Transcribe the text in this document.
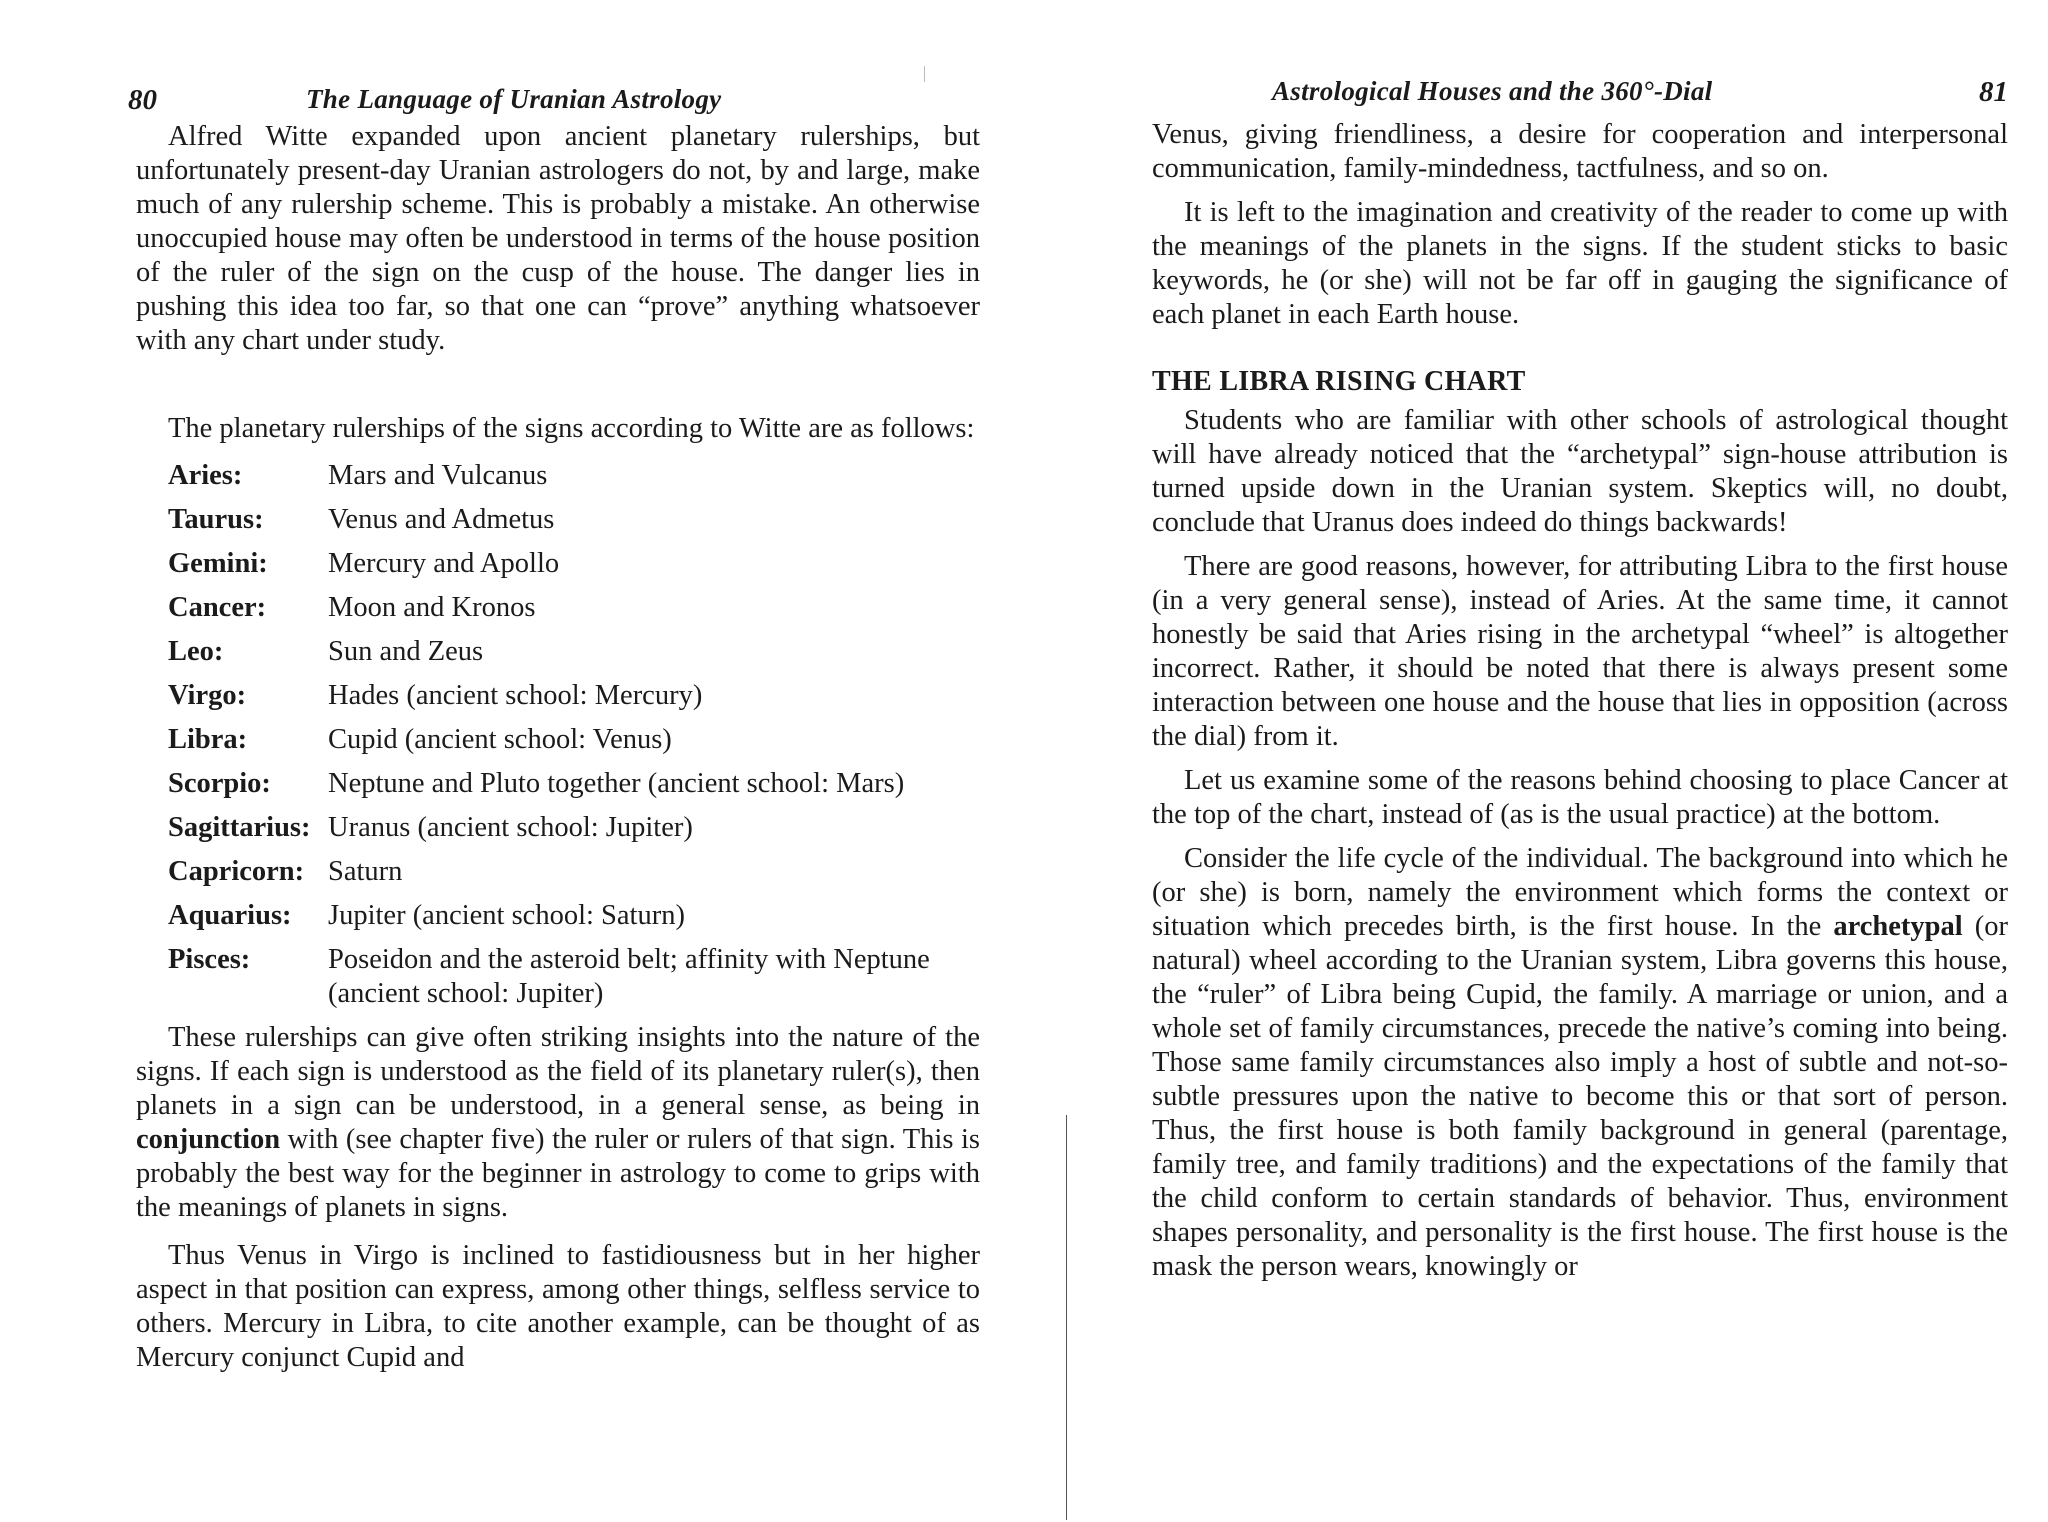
80	The Language of Uranian Astrology

Alfred Witte expanded upon ancient planetary rulerships, but unfortunately present-day Uranian astrologers do not, by and large, make much of any rulership scheme. This is probably a mistake. An otherwise unoccupied house may often be understood in terms of the house position of the ruler of the sign on the cusp of the house. The danger lies in pushing this idea too far, so that one can “prove” anything whatsoever with any chart under study.

The planetary rulerships of the signs according to Witte are as follows:

Aries:	Mars and Vulcanus
Taurus:	Venus and Admetus
Gemini:	Mercury and Apollo
Cancer:	Moon and Kronos
Leo:	Sun and Zeus
Virgo:	Hades (ancient school: Mercury)
Libra:	Cupid (ancient school: Venus)
Scorpio:	Neptune and Pluto together (ancient school: Mars)
Sagittarius:	Uranus (ancient school: Jupiter)
Capricorn:	Saturn
Aquarius:	Jupiter (ancient school: Saturn)
Pisces:	Poseidon and the asteroid belt; affinity with Neptune (ancient school: Jupiter)

These rulerships can give often striking insights into the nature of the signs. If each sign is understood as the field of its planetary ruler(s), then planets in a sign can be understood, in a general sense, as being in conjunction with (see chapter five) the ruler or rulers of that sign. This is probably the best way for the beginner in astrology to come to grips with the meanings of planets in signs.

Thus Venus in Virgo is inclined to fastidiousness but in her higher aspect in that position can express, among other things, selfless service to others. Mercury in Libra, to cite another example, can be thought of as Mercury conjunct Cupid and

Astrological Houses and the 360°-Dial	81

Venus, giving friendliness, a desire for cooperation and interpersonal communication, family-mindedness, tactfulness, and so on.

It is left to the imagination and creativity of the reader to come up with the meanings of the planets in the signs. If the student sticks to basic keywords, he (or she) will not be far off in gauging the significance of each planet in each Earth house.

THE LIBRA RISING CHART

Students who are familiar with other schools of astrological thought will have already noticed that the “archetypal” sign-house attribution is turned upside down in the Uranian system. Skeptics will, no doubt, conclude that Uranus does indeed do things backwards!

There are good reasons, however, for attributing Libra to the first house (in a very general sense), instead of Aries. At the same time, it cannot honestly be said that Aries rising in the archetypal “wheel” is altogether incorrect. Rather, it should be noted that there is always present some interaction between one house and the house that lies in opposition (across the dial) from it.

Let us examine some of the reasons behind choosing to place Cancer at the top of the chart, instead of (as is the usual practice) at the bottom.

Consider the life cycle of the individual. The background into which he (or she) is born, namely the environment which forms the context or situation which precedes birth, is the first house. In the archetypal (or natural) wheel according to the Uranian system, Libra governs this house, the “ruler” of Libra being Cupid, the family. A marriage or union, and a whole set of family circumstances, precede the native’s coming into being. Those same family circumstances also imply a host of subtle and not-so-subtle pressures upon the native to become this or that sort of person. Thus, the first house is both family background in general (parentage, family tree, and family traditions) and the expectations of the family that the child conform to certain standards of behavior. Thus, environment shapes personality, and personality is the first house. The first house is the mask the person wears, knowingly or
